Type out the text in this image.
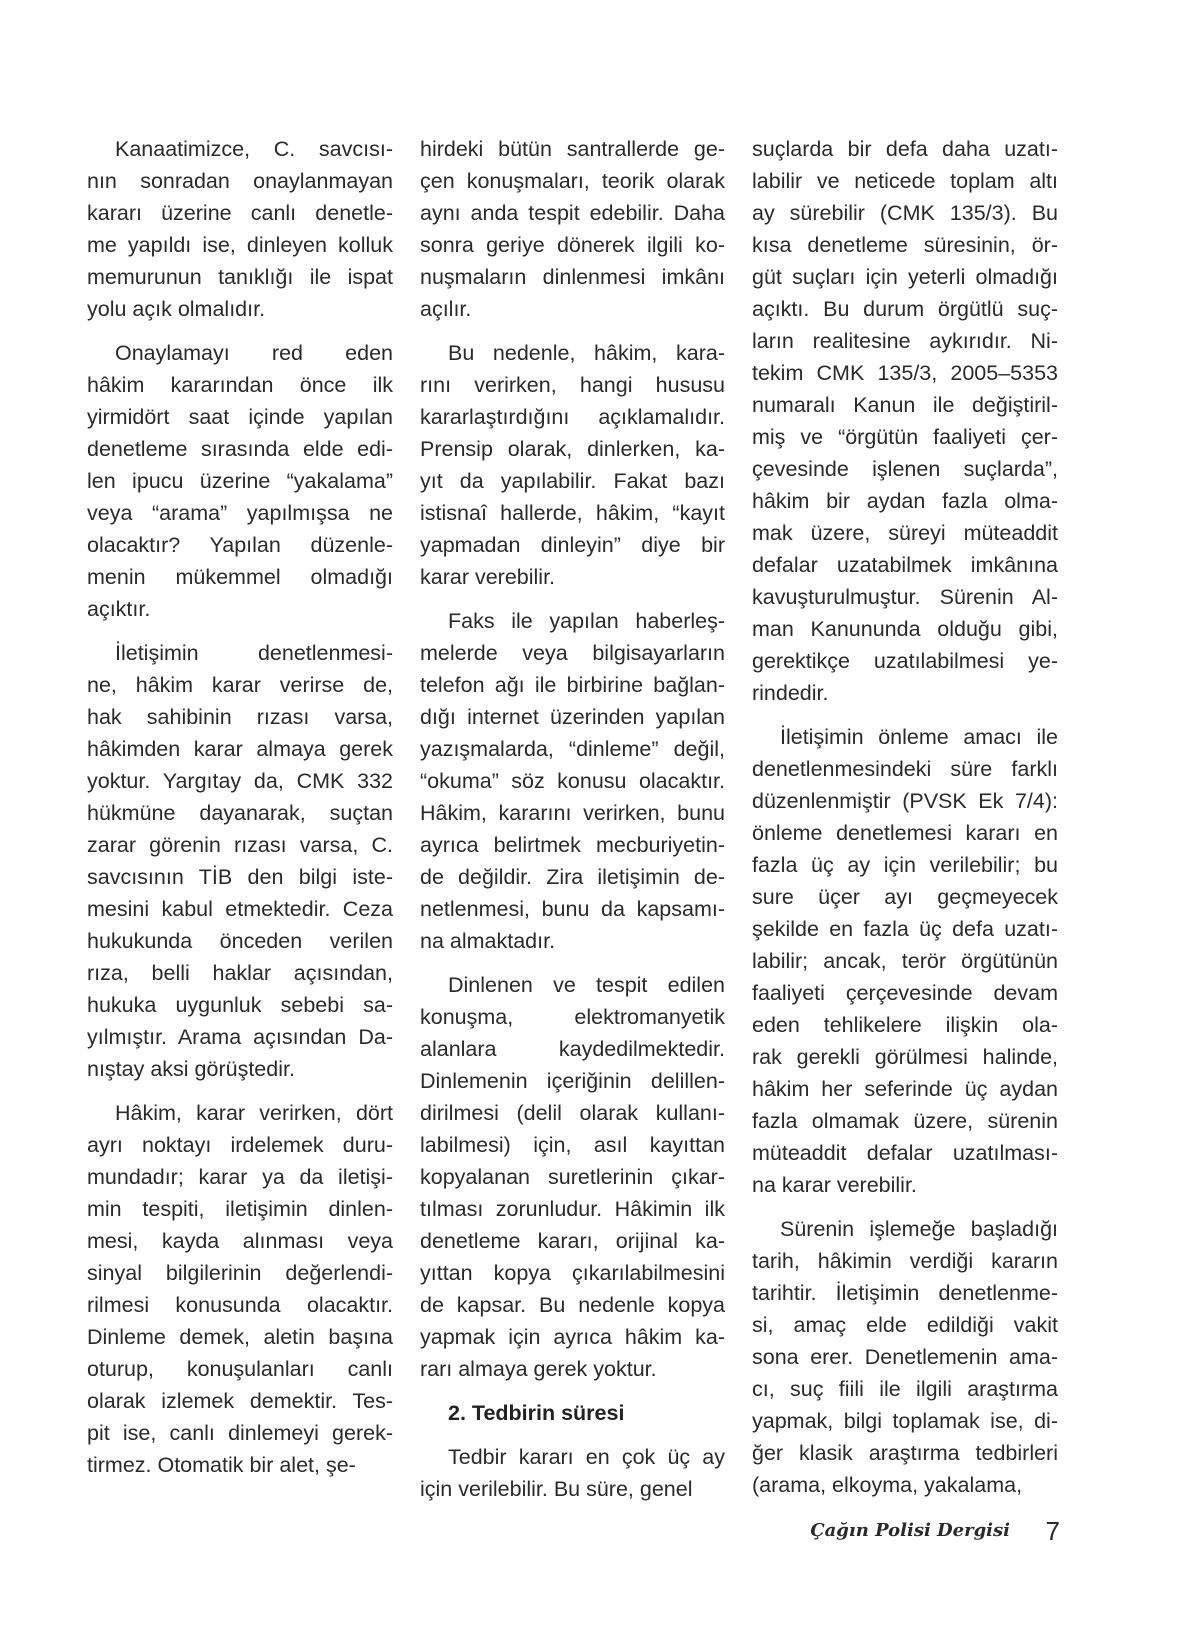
Kanaatimizce, C. savcısı-
nın sonradan onaylanmayan
kararı üzerine canlı denetle-
me yapıldı ise, dinleyen kolluk
memurunun tanıklığı ile ispat
yolu açık olmalıdır.
Onaylamayı red eden
hâkim kararından önce ilk
yirmidört saat içinde yapılan
denetleme sırasında elde edi-
len ipucu üzerine “yakalama”
veya “arama” yapılmışsa ne
olacaktır? Yapılan düzenle-
menin mükemmel olmadığı
açıktır.
İletişimin denetlenmesi-
ne, hâkim karar verirse de,
hak sahibinin rızası varsa,
hâkimden karar almaya gerek
yoktur. Yargıtay da, CMK 332
hükmüne dayanarak, suçtan
zarar görenin rızası varsa, C.
savcısının TİB den bilgi iste-
mesini kabul etmektedir. Ceza
hukukunda önceden verilen
rıza, belli haklar açısından,
hukuka uygunluk sebebi sa-
yılmıştır. Arama açısından Da-
nıştay aksi görüştedir.
Hâkim, karar verirken, dört
ayrı noktayı irdelemek duru-
mundadır; karar ya da iletişi-
min tespiti, iletişimin dinlen-
mesi, kayda alınması veya
sinyal bilgilerinin değerlendi-
rilmesi konusunda olacaktır.
Dinleme demek, aletin başına
oturup, konuşulanları canlı
olarak izlemek demektir. Tes-
pit ise, canlı dinlemeyi gerek-
tirmez. Otomatik bir alet, şe-
hirdeki bütün santrallerde ge-
çen konuşmaları, teorik olarak
aynı anda tespit edebilir. Daha
sonra geriye dönerek ilgili ko-
nuşmaların dinlenmesi imkânı
açılır.
Bu nedenle, hâkim, kara-
rını verirken, hangi hususu
kararlaştırdığını açıklamalıdır.
Prensip olarak, dinlerken, ka-
yıt da yapılabilir. Fakat bazı
istisnaî hallerde, hâkim, “kayıt
yapmadan dinleyin” diye bir
karar verebilir.
Faks ile yapılan haberleş-
melerde veya bilgisayarların
telefon ağı ile birbirine bağlan-
dığı internet üzerinden yapılan
yazışmalarda, “dinleme” değil,
“okuma” söz konusu olacaktır.
Hâkim, kararını verirken, bunu
ayrıca belirtmek mecburiyetin-
de değildir. Zira iletişimin de-
netlenmesi, bunu da kapsamı-
na almaktadır.
Dinlenen ve tespit edilen
konuşma, elektromanyetik
alanlara kaydedilmektedir.
Dinlemenin içeriğinin delillen-
dirilmesi (delil olarak kullanı-
labilmesi) için, asıl kayıttan
kopyalanan suretlerinin çıkar-
tılması zorunludur. Hâkimin ilk
denetleme kararı, orijinal ka-
yıttan kopya çıkarılabilmesini
de kapsar. Bu nedenle kopya
yapmak için ayrıca hâkim ka-
rarı almaya gerek yoktur.
2. Tedbirin süresi
Tedbir kararı en çok üç ay
için verilebilir. Bu süre, genel
suçlarda bir defa daha uzatı-
labilir ve neticede toplam altı
ay sürebilir (CMK 135/3). Bu
kısa denetleme süresinin, ör-
güt suçları için yeterli olmadığı
açıktı. Bu durum örgütlü suç-
ların realitesine aykırıdır. Ni-
tekim CMK 135/3, 2005–5353
numaralı Kanun ile değiştiril-
miş ve “örgütün faaliyeti çer-
çevesinde işlenen suçlarda”,
hâkim bir aydan fazla olma-
mak üzere, süreyi müteaddit
defalar uzatabilmek imkânına
kavuşturulmuştur. Sürenin Al-
man Kanununda olduğu gibi,
gerektikçe uzatılabilmesi ye-
rindedir.
İletişimin önleme amacı ile
denetlenmesindeki süre farklı
düzenlenmiştir (PVSK Ek 7/4):
önleme denetlemesi kararı en
fazla üç ay için verilebilir; bu
sure üçer ayı geçmeyecek
şekilde en fazla üç defa uzatı-
labilir; ancak, terör örgütünün
faaliyeti çerçevesinde devam
eden tehlikelere ilişkin ola-
rak gerekli görülmesi halinde,
hâkim her seferinde üç aydan
fazla olmamak üzere, sürenin
müteaddit defalar uzatılması-
na karar verebilir.
Sürenin işlemeğe başladığı
tarih, hâkimin verdiği kararın
tarihtir. İletişimin denetlenme-
si, amaç elde edildiği vakit
sona erer. Denetlemenin ama-
cı, suç fiili ile ilgili araştırma
yapmak, bilgi toplamak ise, di-
ğer klasik araştırma tedbirleri
(arama, elkoyma, yakalama,
Çağın Polisi Dergisi 7
